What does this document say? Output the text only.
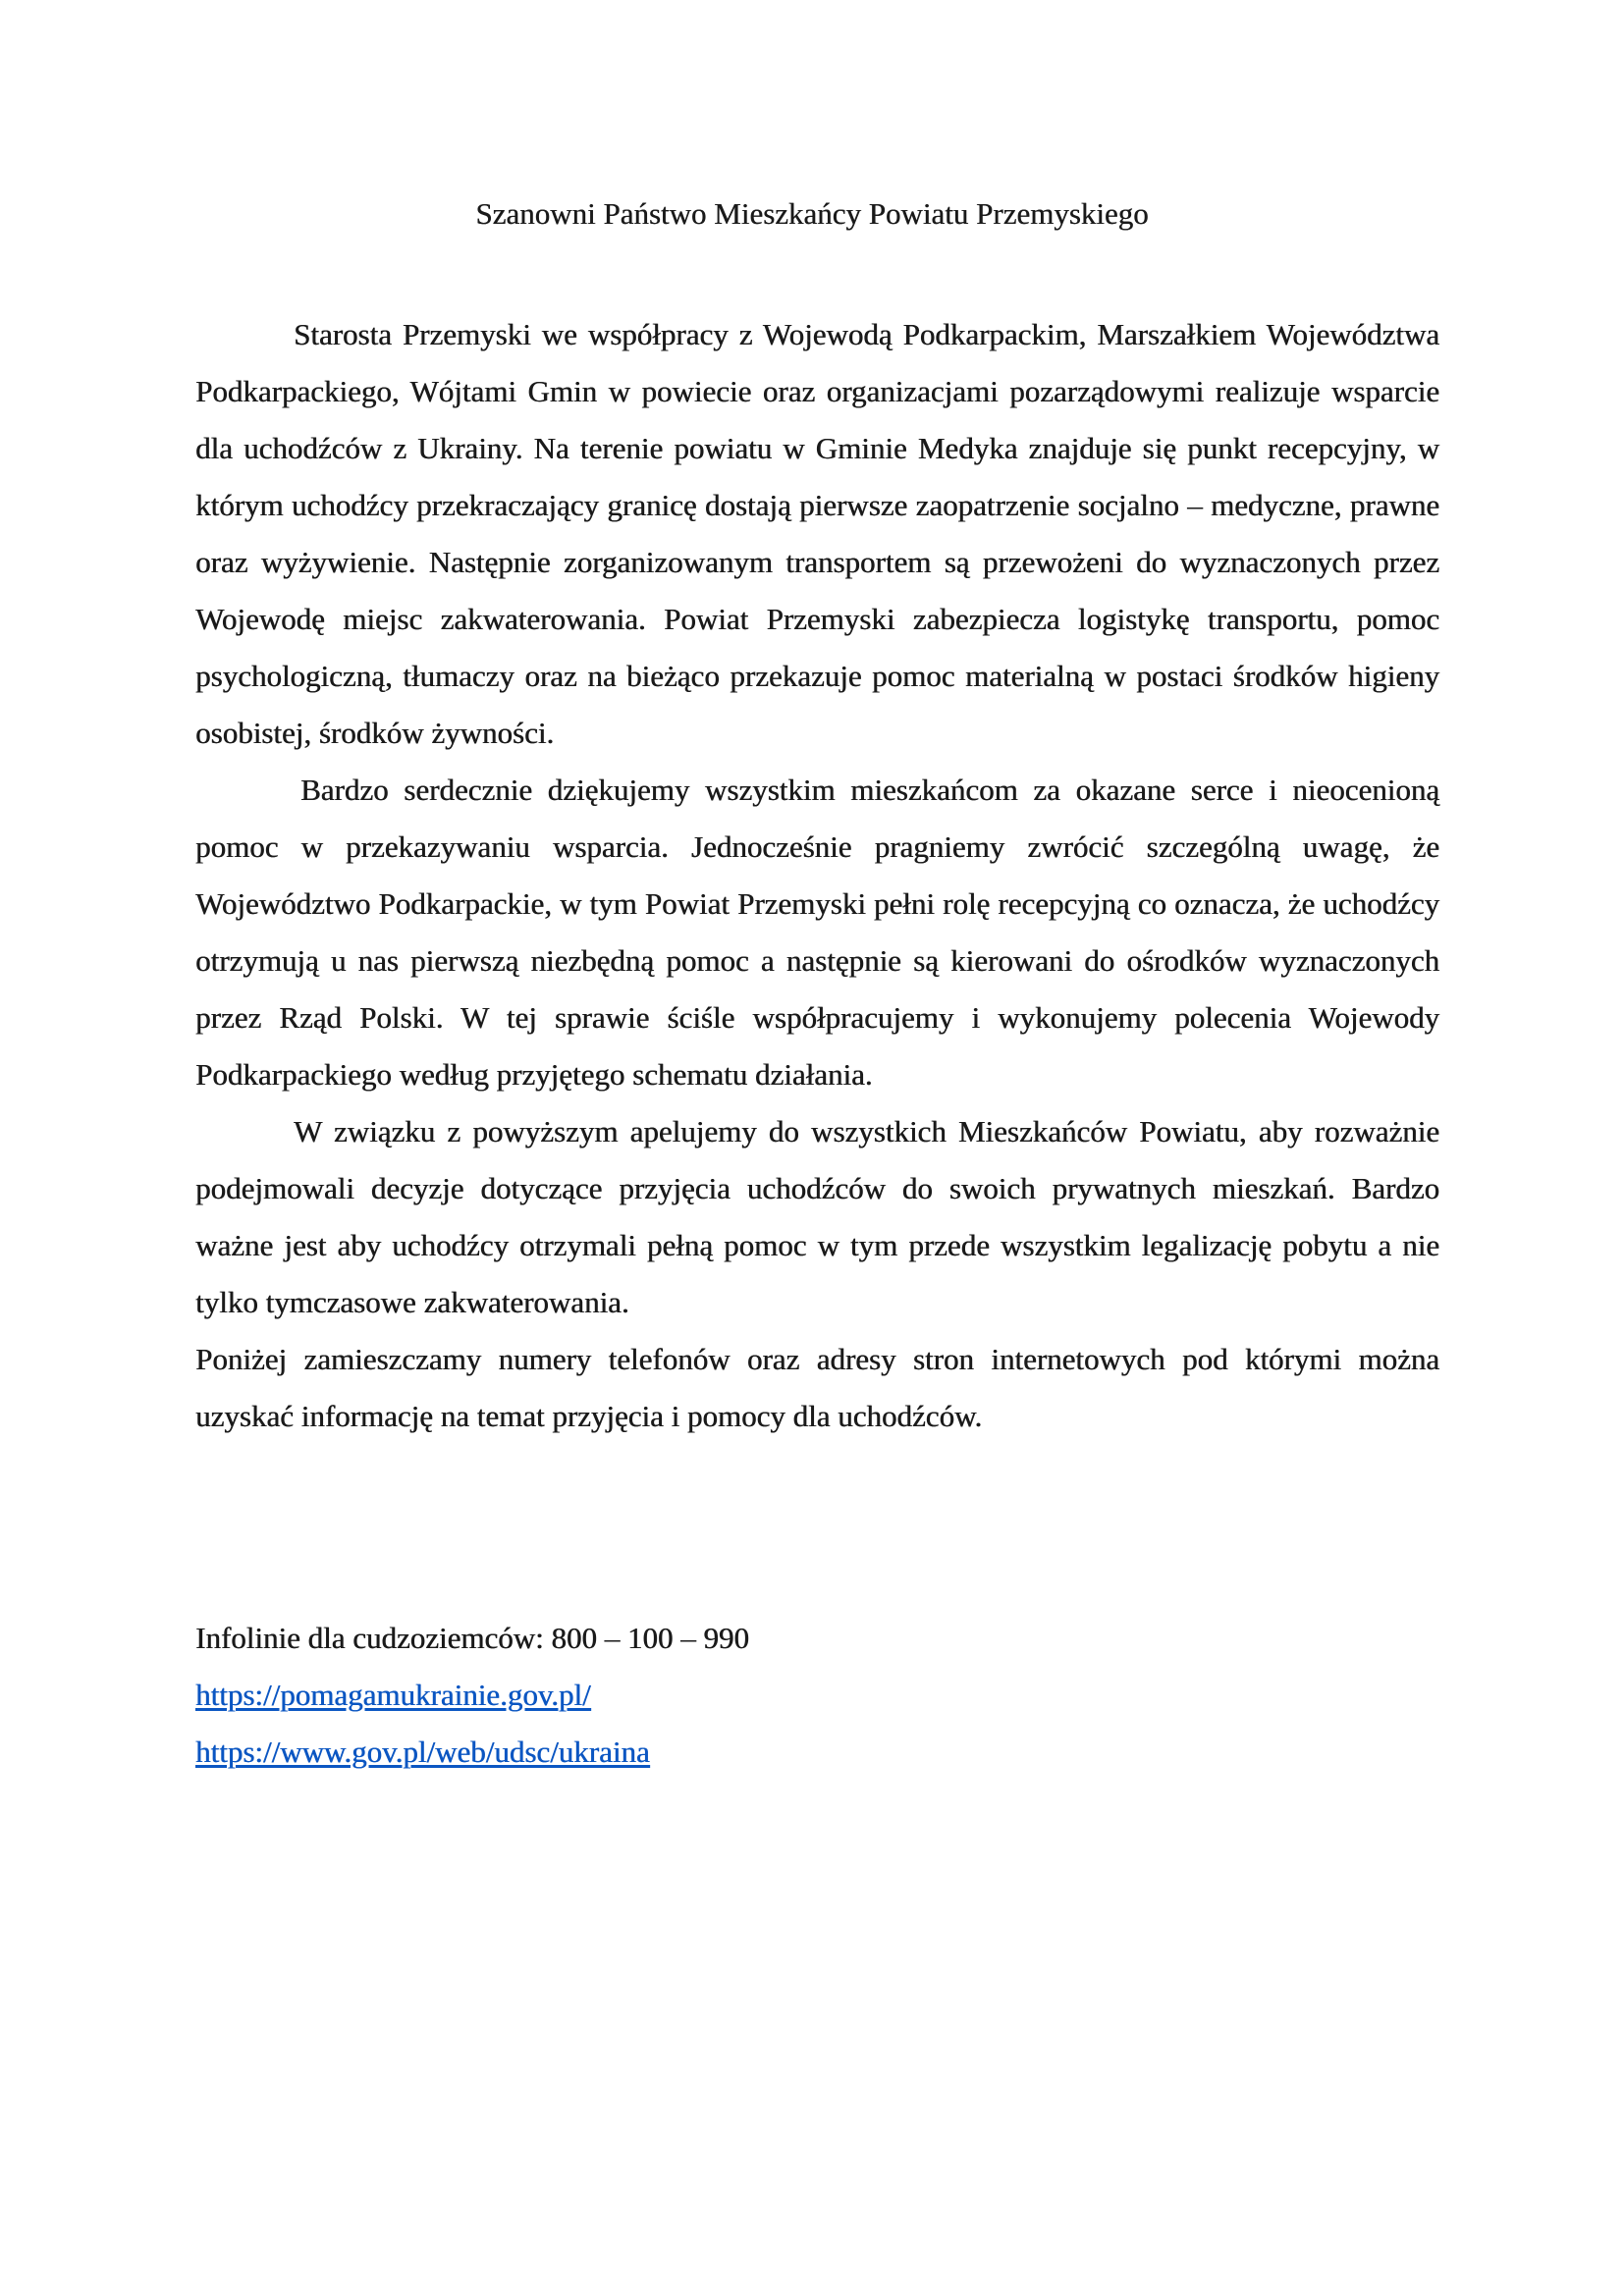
Szanowni Państwo Mieszkańcy Powiatu Przemyskiego

Starosta Przemyski we współpracy z Wojewodą Podkarpackim, Marszałkiem Województwa Podkarpackiego, Wójtami Gmin w powiecie oraz organizacjami pozarządowymi realizuje wsparcie dla uchodźców z Ukrainy. Na terenie powiatu w Gminie Medyka znajduje się punkt recepcyjny, w którym uchodźcy przekraczający granicę dostają pierwsze zaopatrzenie socjalno – medyczne, prawne oraz wyżywienie. Następnie zorganizowanym transportem są przewożeni do wyznaczonych przez Wojewodę miejsc zakwaterowania. Powiat Przemyski zabezpiecza logistykę transportu, pomoc psychologiczną, tłumaczy oraz na bieżąco przekazuje pomoc materialną w postaci środków higieny osobistej, środków żywności.

Bardzo serdecznie dziękujemy wszystkim mieszkańcom za okazane serce i nieocenioną pomoc w przekazywaniu wsparcia. Jednocześnie pragniemy zwrócić szczególną uwagę, że Województwo Podkarpackie, w tym Powiat Przemyski pełni rolę recepcyjną co oznacza, że uchodźcy otrzymują u nas pierwszą niezbędną pomoc a następnie są kierowani do ośrodków wyznaczonych przez Rząd Polski. W tej sprawie ściśle współpracujemy i wykonujemy polecenia Wojewody Podkarpackiego według przyjętego schematu działania.

W związku z powyższym apelujemy do wszystkich Mieszkańców Powiatu, aby rozważnie podejmowali decyzje dotyczące przyjęcia uchodźców do swoich prywatnych mieszkań. Bardzo ważne jest aby uchodźcy otrzymali pełną pomoc w tym przede wszystkim legalizację pobytu a nie tylko tymczasowe zakwaterowania.

Poniżej zamieszczamy numery telefonów oraz adresy stron internetowych pod którymi można uzyskać informację na temat przyjęcia i pomocy dla uchodźców.

Infolinie dla cudzoziemców: 800 – 100 – 990
https://pomagamukrainie.gov.pl/
https://www.gov.pl/web/udsc/ukraina
